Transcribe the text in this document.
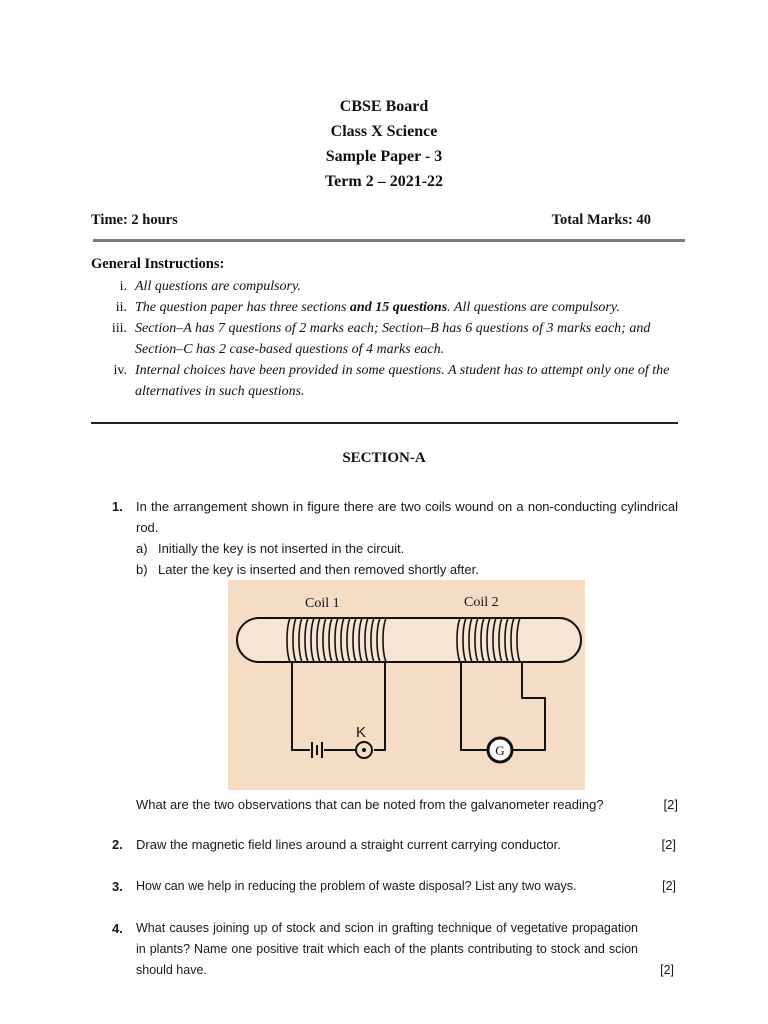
CBSE Board
Class X Science
Sample Paper - 3
Term 2 – 2021-22
Time: 2 hours	Total Marks: 40
General Instructions:
i. All questions are compulsory.
ii. The question paper has three sections and 15 questions. All questions are compulsory.
iii. Section–A has 7 questions of 2 marks each; Section–B has 6 questions of 3 marks each; and Section–C has 2 case-based questions of 4 marks each.
iv. Internal choices have been provided in some questions. A student has to attempt only one of the alternatives in such questions.
SECTION-A
1. In the arrangement shown in figure there are two coils wound on a non-conducting cylindrical rod.
a) Initially the key is not inserted in the circuit.
b) Later the key is inserted and then removed shortly after.
Coil 1	Coil 2
K
G
What are the two observations that can be noted from the galvanometer reading?	[2]
2. Draw the magnetic field lines around a straight current carrying conductor.	[2]
3. How can we help in reducing the problem of waste disposal? List any two ways.	[2]
4. What causes joining up of stock and scion in grafting technique of vegetative propagation in plants? Name one positive trait which each of the plants contributing to stock and scion should have.	[2]
